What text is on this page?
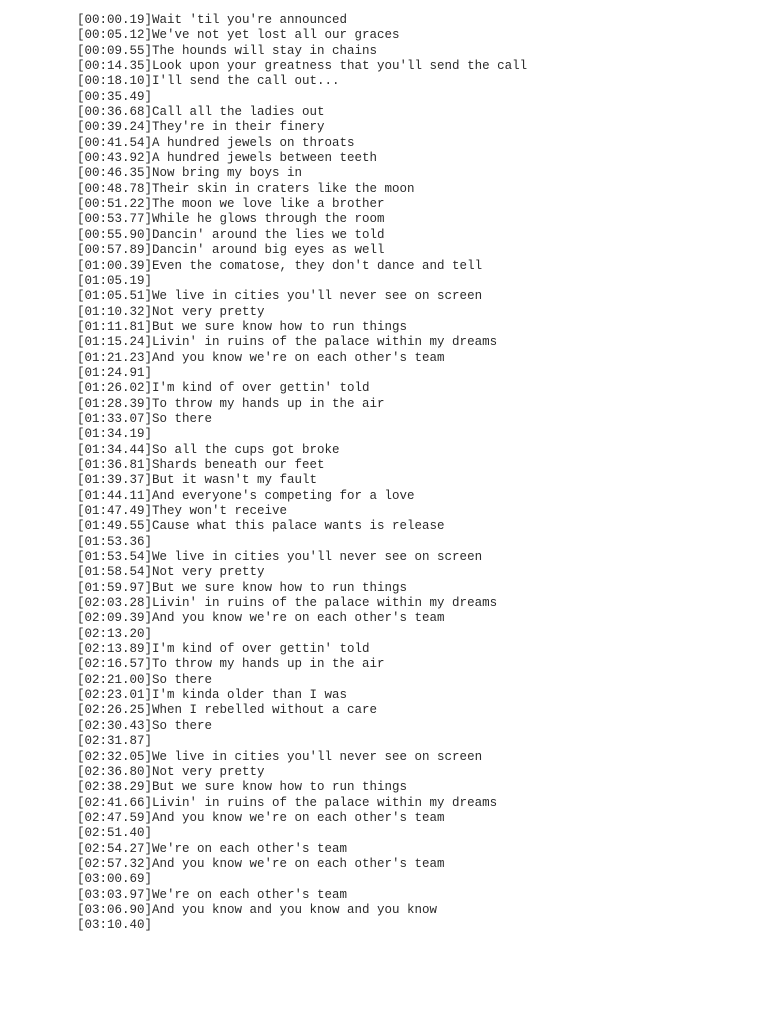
[00:00.19]Wait 'til you're announced
[00:05.12]We've not yet lost all our graces
[00:09.55]The hounds will stay in chains
[00:14.35]Look upon your greatness that you'll send the call
[00:18.10]I'll send the call out...
[00:35.49]
[00:36.68]Call all the ladies out
[00:39.24]They're in their finery
[00:41.54]A hundred jewels on throats
[00:43.92]A hundred jewels between teeth
[00:46.35]Now bring my boys in
[00:48.78]Their skin in craters like the moon
[00:51.22]The moon we love like a brother
[00:53.77]While he glows through the room
[00:55.90]Dancin' around the lies we told
[00:57.89]Dancin' around big eyes as well
[01:00.39]Even the comatose, they don't dance and tell
[01:05.19]
[01:05.51]We live in cities you'll never see on screen
[01:10.32]Not very pretty
[01:11.81]But we sure know how to run things
[01:15.24]Livin' in ruins of the palace within my dreams
[01:21.23]And you know we're on each other's team
[01:24.91]
[01:26.02]I'm kind of over gettin' told
[01:28.39]To throw my hands up in the air
[01:33.07]So there
[01:34.19]
[01:34.44]So all the cups got broke
[01:36.81]Shards beneath our feet
[01:39.37]But it wasn't my fault
[01:44.11]And everyone's competing for a love
[01:47.49]They won't receive
[01:49.55]Cause what this palace wants is release
[01:53.36]
[01:53.54]We live in cities you'll never see on screen
[01:58.54]Not very pretty
[01:59.97]But we sure know how to run things
[02:03.28]Livin' in ruins of the palace within my dreams
[02:09.39]And you know we're on each other's team
[02:13.20]
[02:13.89]I'm kind of over gettin' told
[02:16.57]To throw my hands up in the air
[02:21.00]So there
[02:23.01]I'm kinda older than I was
[02:26.25]When I rebelled without a care
[02:30.43]So there
[02:31.87]
[02:32.05]We live in cities you'll never see on screen
[02:36.80]Not very pretty
[02:38.29]But we sure know how to run things
[02:41.66]Livin' in ruins of the palace within my dreams
[02:47.59]And you know we're on each other's team
[02:51.40]
[02:54.27]We're on each other's team
[02:57.32]And you know we're on each other's team
[03:00.69]
[03:03.97]We're on each other's team
[03:06.90]And you know and you know and you know
[03:10.40]
